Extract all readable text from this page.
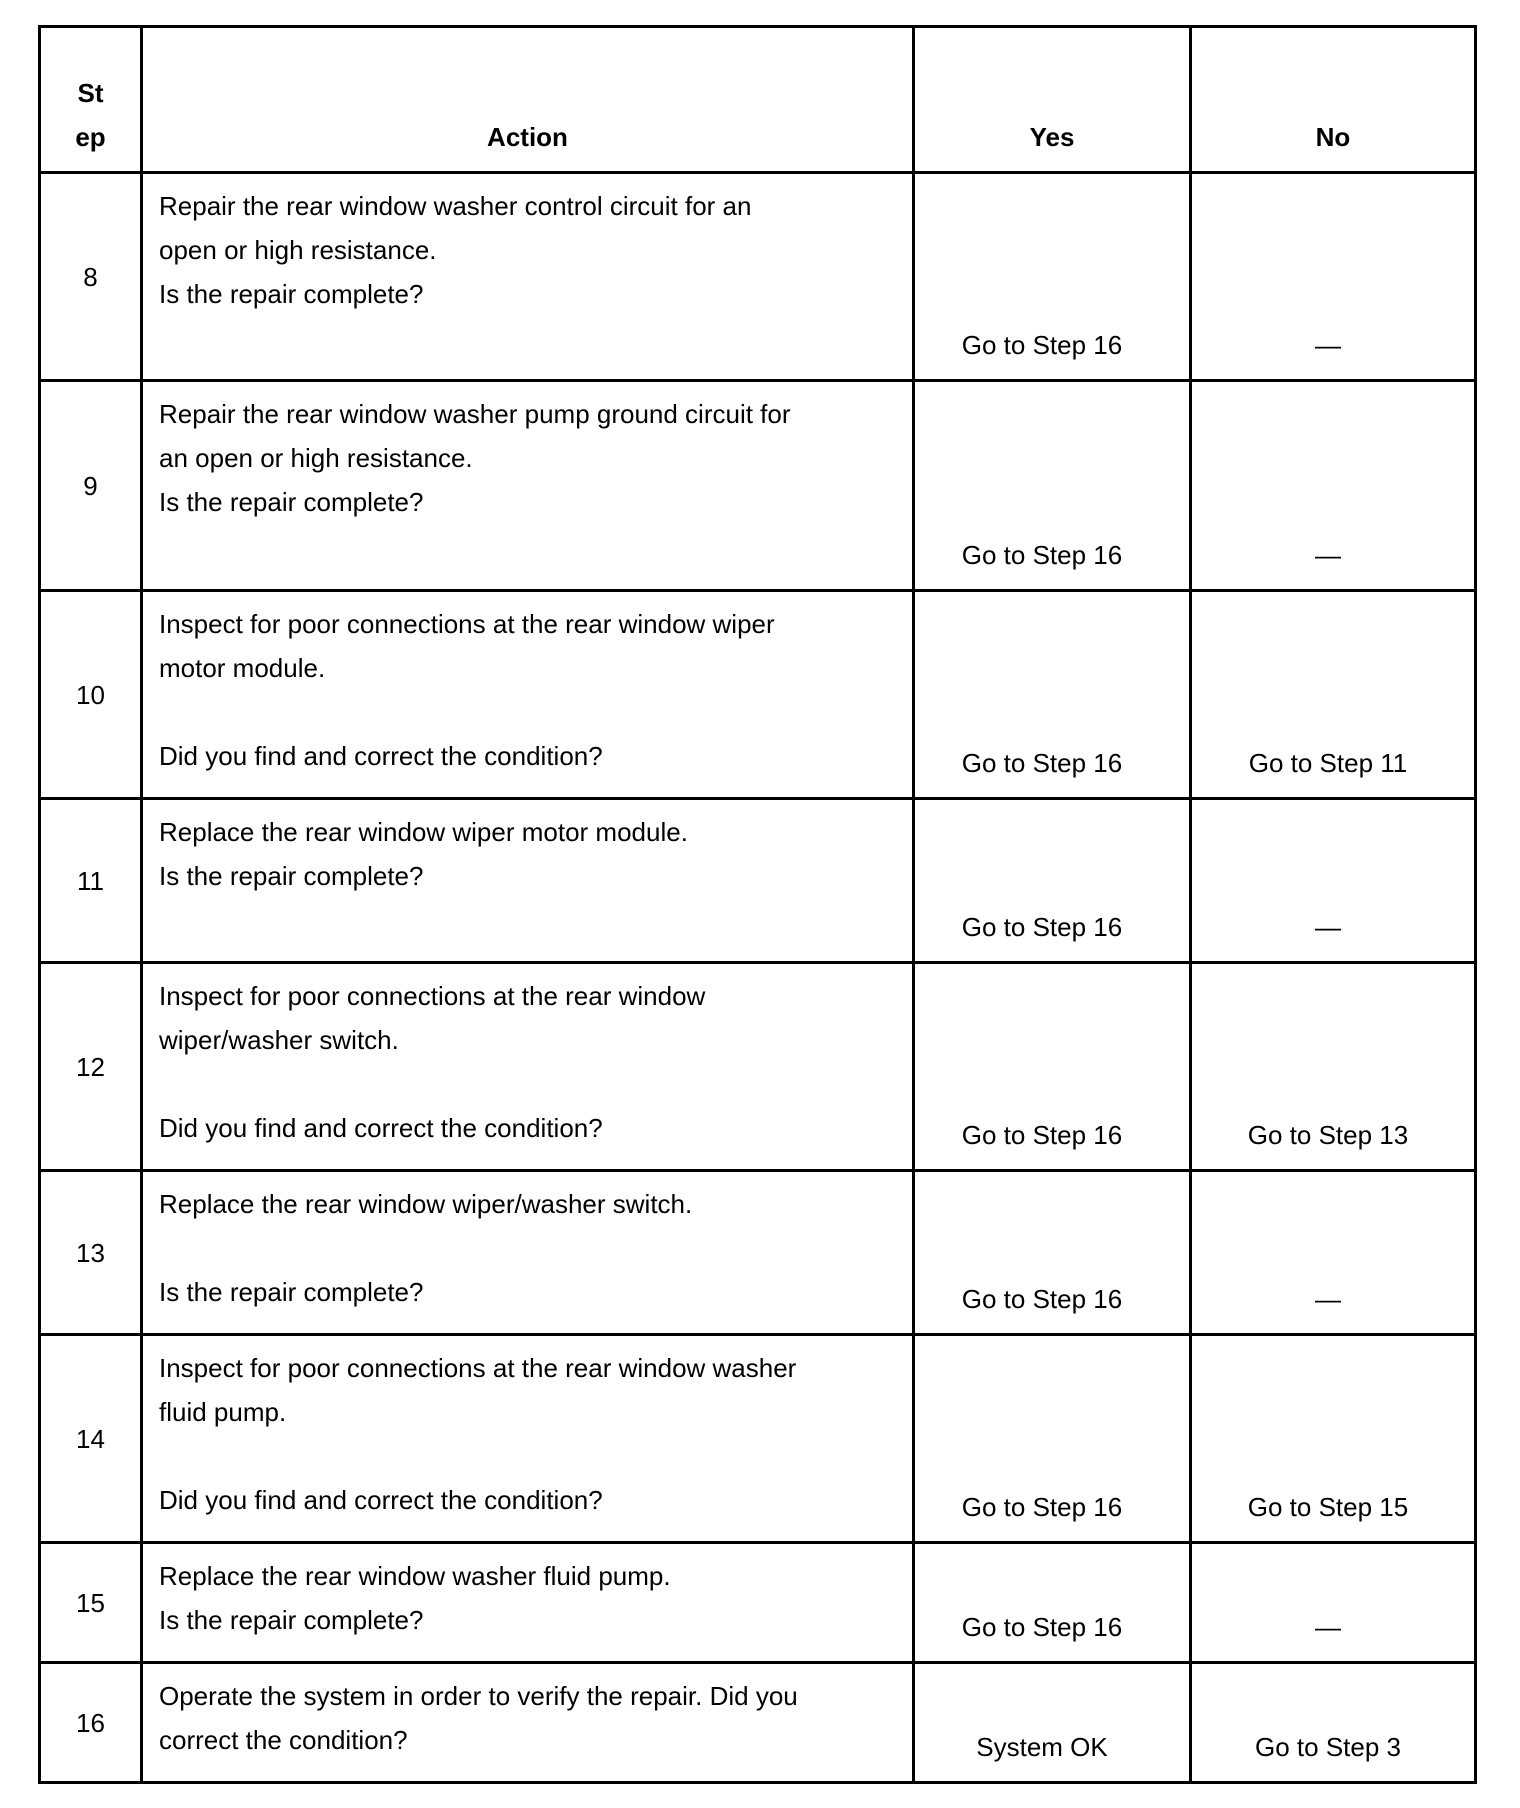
St
ep	Action	Yes	No
8	Repair the rear window washer control circuit for an
open or high resistance.
Is the repair complete?	Go to Step 16	—
9	Repair the rear window washer pump ground circuit for
an open or high resistance.
Is the repair complete?	Go to Step 16	—
10	Inspect for poor connections at the rear window wiper
motor module.
Did you find and correct the condition?	Go to Step 16	Go to Step 11
11	Replace the rear window wiper motor module.
Is the repair complete?	Go to Step 16	—
12	Inspect for poor connections at the rear window
wiper/washer switch.
Did you find and correct the condition?	Go to Step 16	Go to Step 13
13	Replace the rear window wiper/washer switch.
Is the repair complete?	Go to Step 16	—
14	Inspect for poor connections at the rear window washer
fluid pump.
Did you find and correct the condition?	Go to Step 16	Go to Step 15
15	Replace the rear window washer fluid pump.
Is the repair complete?	Go to Step 16	—
16	Operate the system in order to verify the repair. Did you
correct the condition?	System OK	Go to Step 3
